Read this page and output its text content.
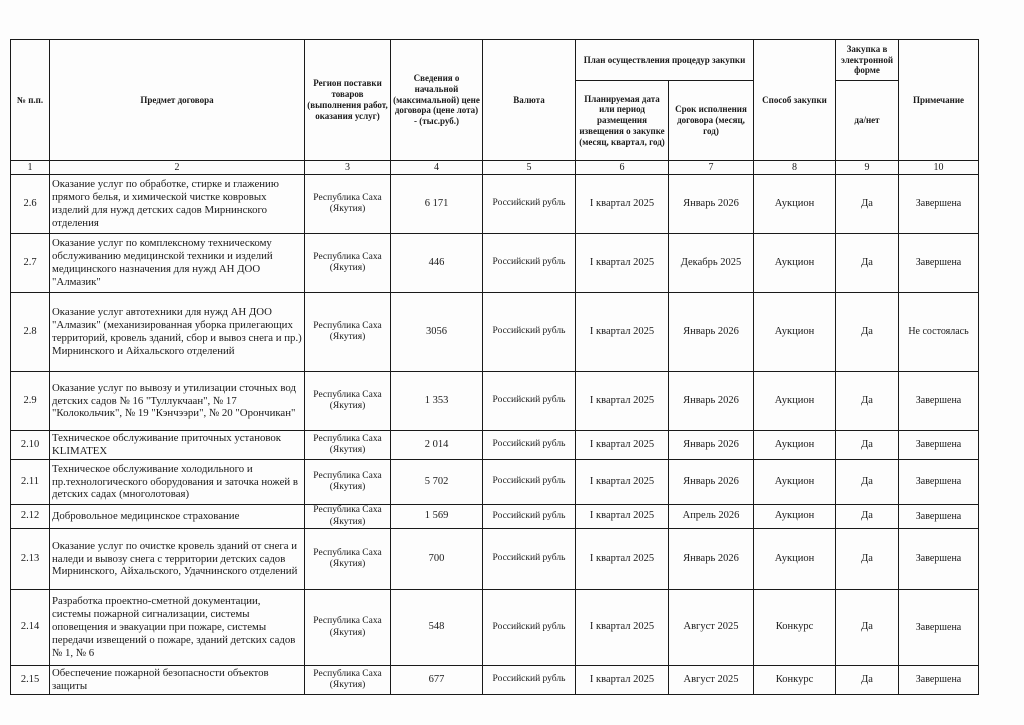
№ п.п.	Предмет договора	Регион поставки товаров (выполнения работ, оказания услуг)	Сведения о начальной (максимальной) цене договора (цене лота) - (тыс.руб.)	Валюта	План осуществления процедур закупки		Способ закупки	Закупка в электронной форме	Примечание
					Планируемая дата или период размещения извещения о закупке (месяц, квартал, год)	Срок исполнения договора (месяц, год)		да/нет	
1	2	3	4	5	6	7	8	9	10
2.6	Оказание услуг по обработке, стирке и глажению прямого белья, и химической чистке ковровых изделий для нужд детских садов Мирнинского отделения	Республика Саха (Якутия)	6 171	Российский рубль	I квартал 2025	Январь 2026	Аукцион	Да	Завершена
2.7	Оказание услуг по комплексному техническому обслуживанию медицинской техники и изделий медицинского назначения для нужд АН ДОО "Алмазик"	Республика Саха (Якутия)	446	Российский рубль	I квартал 2025	Декабрь 2025	Аукцион	Да	Завершена
2.8	Оказание услуг автотехники для нужд АН ДОО "Алмазик" (механизированная уборка прилегающих территорий, кровель зданий, сбор и вывоз снега и пр.) Мирнинского и Айхальского отделений	Республика Саха (Якутия)	3056	Российский рубль	I квартал 2025	Январь 2026	Аукцион	Да	Не состоялась
2.9	Оказание услуг по вывозу и утилизации сточных вод детских садов № 16 "Туллукчаан", № 17 "Колокольчик", № 19 "Кэнчээри", № 20 "Орончикан"	Республика Саха (Якутия)	1 353	Российский рубль	I квартал 2025	Январь 2026	Аукцион	Да	Завершена
2.10	Техническое обслуживание приточных установок KLIMATEX	Республика Саха (Якутия)	2 014	Российский рубль	I квартал 2025	Январь 2026	Аукцион	Да	Завершена
2.11	Техническое обслуживание холодильного и пр.технологического оборудования и заточка ножей в детских садах (многолотовая)	Республика Саха (Якутия)	5 702	Российский рубль	I квартал 2025	Январь 2026	Аукцион	Да	Завершена
2.12	Добровольное медицинское страхование	Республика Саха (Якутия)	1 569	Российский рубль	I квартал 2025	Апрель 2026	Аукцион	Да	Завершена
2.13	Оказание услуг по очистке кровель зданий от снега и наледи и вывозу снега с территории детских садов Мирнинского, Айхальского, Удачнинского отделений	Республика Саха (Якутия)	700	Российский рубль	I квартал 2025	Январь 2026	Аукцион	Да	Завершена
2.14	Разработка проектно-сметной документации, системы пожарной сигнализации, системы оповещения и эвакуации при пожаре, системы передачи извещений о пожаре, зданий детских садов № 1, № 6	Республика Саха (Якутия)	548	Российский рубль	I квартал 2025	Август 2025	Конкурс	Да	Завершена
2.15	Обеспечение пожарной безопасности объектов защиты	Республика Саха (Якутия)	677	Российский рубль	I квартал 2025	Август 2025	Конкурс	Да	Завершена
